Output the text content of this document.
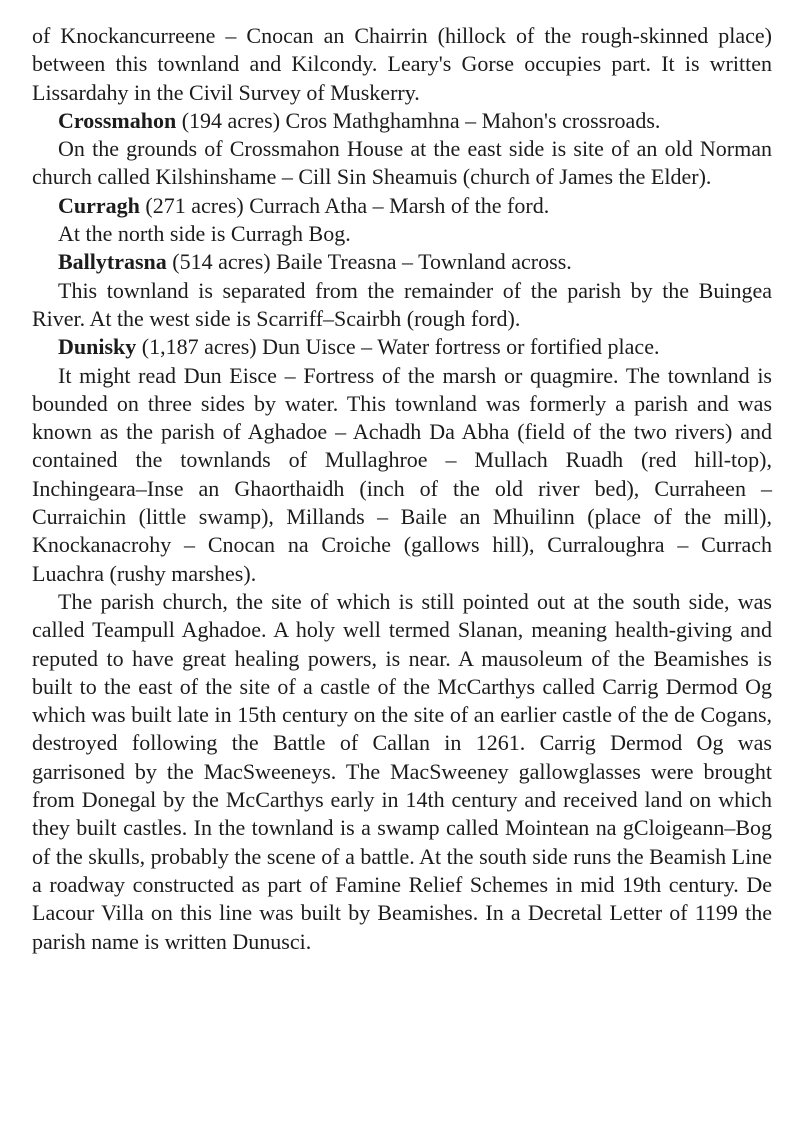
of Knockancurreene – Cnocan an Chairrin (hillock of the rough-skinned place) between this townland and Kilcondy. Leary's Gorse occupies part. It is written Lissardahy in the Civil Survey of Muskerry.

Crossmahon (194 acres) Cros Mathghamhna – Mahon's crossroads.

On the grounds of Crossmahon House at the east side is site of an old Norman church called Kilshinshame – Cill Sin Sheamuis (church of James the Elder).

Curragh (271 acres) Currach Atha – Marsh of the ford.

At the north side is Curragh Bog.

Ballytrasna (514 acres) Baile Treasna – Townland across.

This townland is separated from the remainder of the parish by the Buingea River. At the west side is Scarriff–Scairbh (rough ford).

Dunisky (1,187 acres) Dun Uisce – Water fortress or fortified place.

It might read Dun Eisce – Fortress of the marsh or quagmire. The townland is bounded on three sides by water. This townland was formerly a parish and was known as the parish of Aghadoe – Achadh Da Abha (field of the two rivers) and contained the townlands of Mullaghroe – Mullach Ruadh (red hill-top), Inchingeara–Inse an Ghaorthaidh (inch of the old river bed), Curraheen – Curraichin (little swamp), Millands – Baile an Mhuilinn (place of the mill), Knockanacrohy – Cnocan na Croiche (gallows hill), Curraloughra – Currach Luachra (rushy marshes).

The parish church, the site of which is still pointed out at the south side, was called Teampull Aghadoe. A holy well termed Slanan, meaning health-giving and reputed to have great healing powers, is near. A mausoleum of the Beamishes is built to the east of the site of a castle of the McCarthys called Carrig Dermod Og which was built late in 15th century on the site of an earlier castle of the de Cogans, destroyed following the Battle of Callan in 1261. Carrig Dermod Og was garrisoned by the MacSweeneys. The MacSweeney gallowglasses were brought from Donegal by the McCarthys early in 14th century and received land on which they built castles. In the townland is a swamp called Mointean na gCloigeann–Bog of the skulls, probably the scene of a battle. At the south side runs the Beamish Line a roadway constructed as part of Famine Relief Schemes in mid 19th century. De Lacour Villa on this line was built by Beamishes. In a Decretal Letter of 1199 the parish name is written Dunusci.
